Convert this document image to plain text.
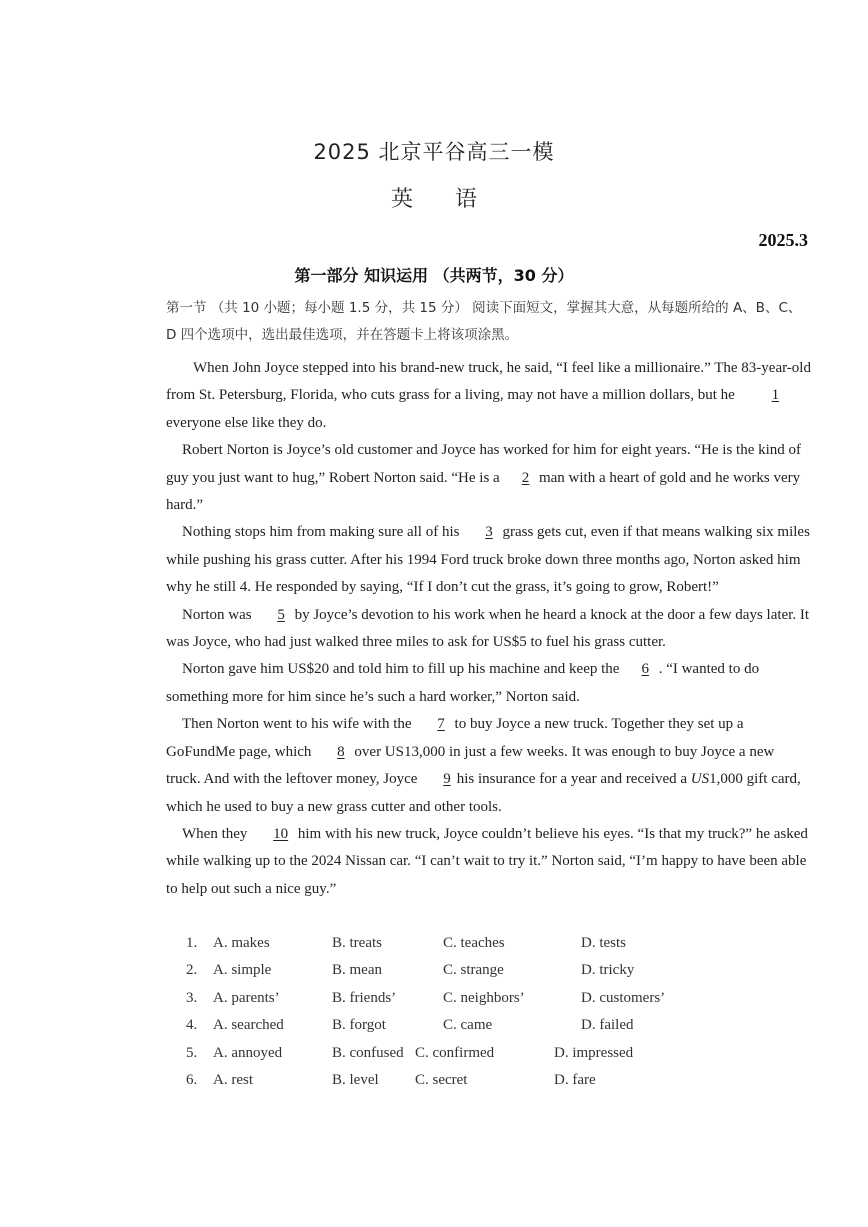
2025 北京平谷高三一模
英语
2025.3
第一部分 知识运用 （共两节，30 分）
第一节 （共 10 小题；每小题 1.5 分，共 15 分） 阅读下面短文，掌握其大意，从每题所给的 A、B、C、D 四个选项中，选出最佳选项，并在答题卡上将该项涂黑。

When John Joyce stepped into his brand-new truck, he said, “I feel like a millionaire.” The 83-year-old from St. Petersburg, Florida, who cuts grass for a living, may not have a million dollars, but he 1 everyone else like they do.

Robert Norton is Joyce’s old customer and Joyce has worked for him for eight years. “He is the kind of guy you just want to hug,” Robert Norton said. “He is a 2 man with a heart of gold and he works very hard.”

Nothing stops him from making sure all of his 3 grass gets cut, even if that means walking six miles while pushing his grass cutter. After his 1994 Ford truck broke down three months ago, Norton asked him why he still 4. He responded by saying, “If I don’t cut the grass, it’s going to grow, Robert!”

Norton was 5 by Joyce’s devotion to his work when he heard a knock at the door a few days later. It was Joyce, who had just walked three miles to ask for US$5 to fuel his grass cutter.

Norton gave him US$20 and told him to fill up his machine and keep the 6 . “I wanted to do something more for him since he’s such a hard worker,” Norton said.

Then Norton went to his wife with the 7 to buy Joyce a new truck. Together they set up a GoFundMe page, which 8 over US13,000 in just a few weeks. It was enough to buy Joyce a new truck. And with the leftover money, Joyce 9 his insurance for a year and received a US1,000 gift card, which he used to buy a new grass cutter and other tools.

When they 10 him with his new truck, Joyce couldn’t believe his eyes. “Is that my truck?” he asked while walking up to the 2024 Nissan car. “I can’t wait to try it.” Norton said, “I’m happy to have been able to help out such a nice guy.”

1. A. makes	B. treats	C. teaches	D. tests
2. A. simple	B. mean	C. strange	D. tricky
3. A. parents’	B. friends’	C. neighbors’	D. customers’
4. A. searched	B. forgot	C. came	D. failed
5. A. annoyed	B. confused C. confirmed	D. impressed
6. A. rest	B. level C. secret	D. fare
